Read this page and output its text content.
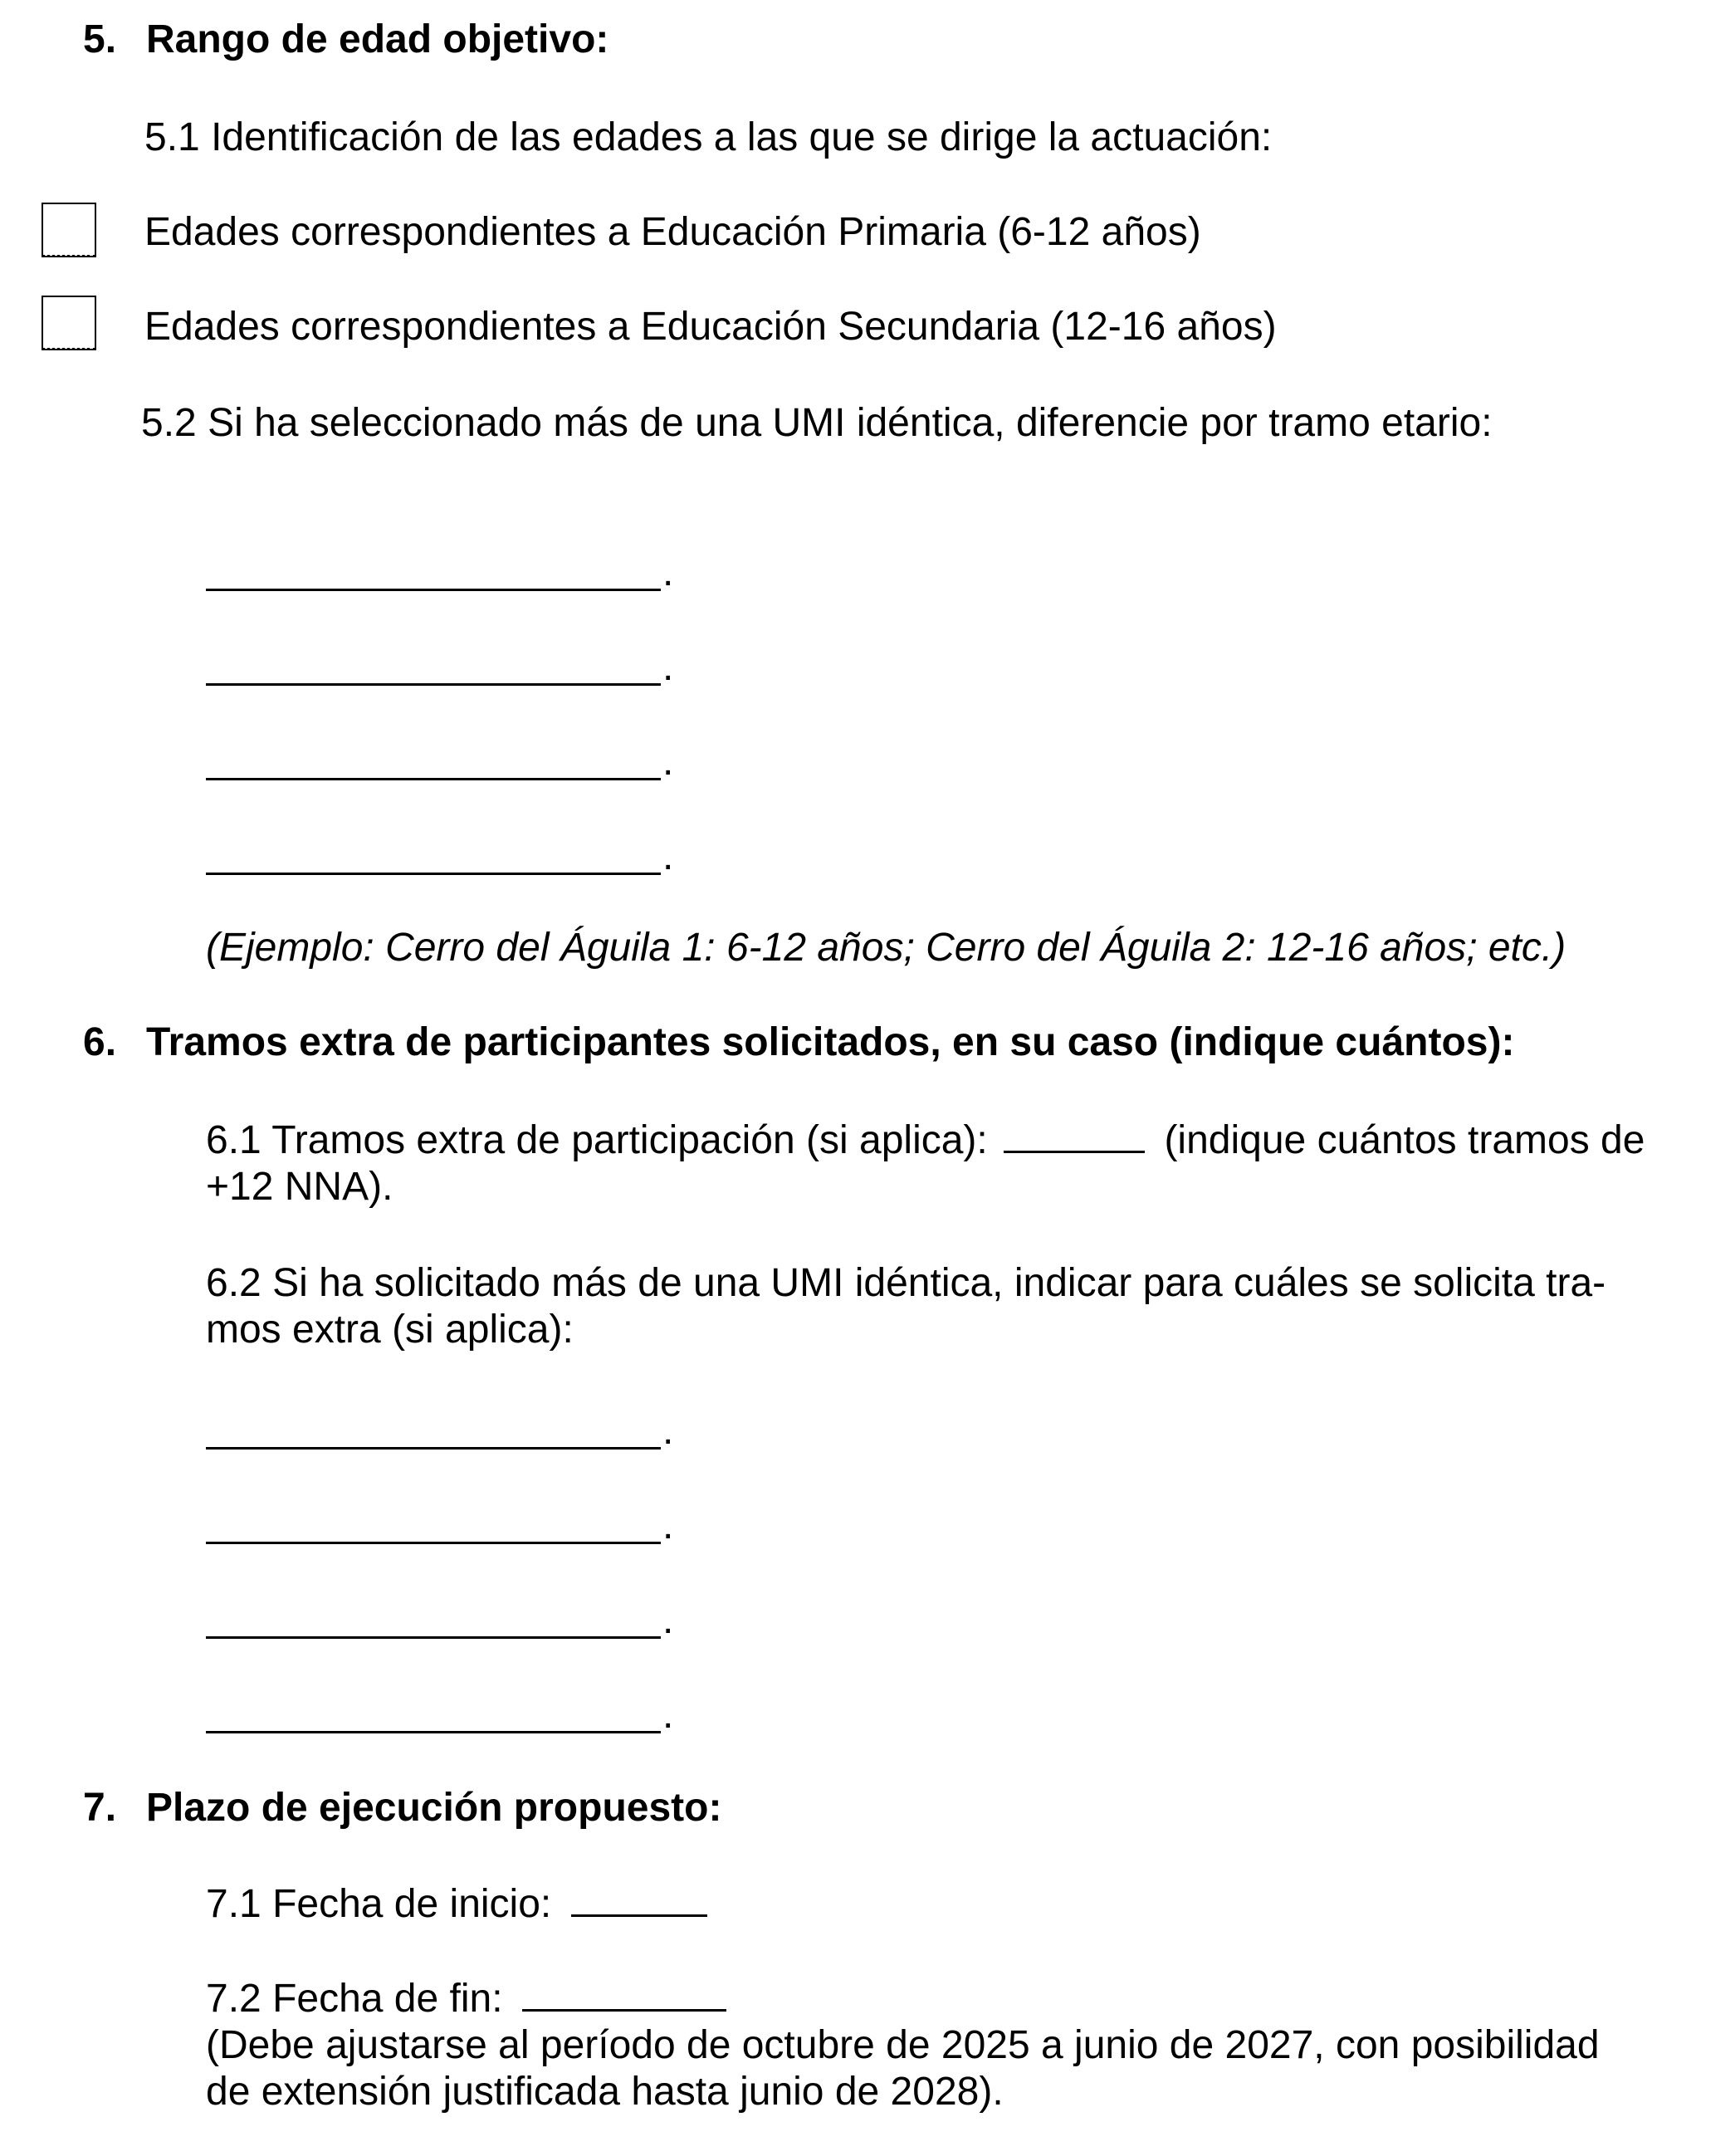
5. Rango de edad objetivo:
5.1 Identificación de las edades a las que se dirige la actuación:
Edades correspondientes a Educación Primaria (6-12 años)
Edades correspondientes a Educación Secundaria (12-16 años)
5.2 Si ha seleccionado más de una UMI idéntica, diferencie por tramo etario:
.
.
.
.
(Ejemplo: Cerro del Águila 1: 6-12 años; Cerro del Águila 2: 12-16 años; etc.)
6. Tramos extra de participantes solicitados, en su caso (indique cuántos):
6.1 Tramos extra de participación (si aplica):	(indique cuántos tramos de
+12 NNA).
6.2 Si ha solicitado más de una UMI idéntica, indicar para cuáles se solicita tra-
mos extra (si aplica):
.
.
.
.
7. Plazo de ejecución propuesto:
7.1 Fecha de inicio:
7.2 Fecha de fin:
(Debe ajustarse al período de octubre de 2025 a junio de 2027, con posibilidad
de extensión justificada hasta junio de 2028).
